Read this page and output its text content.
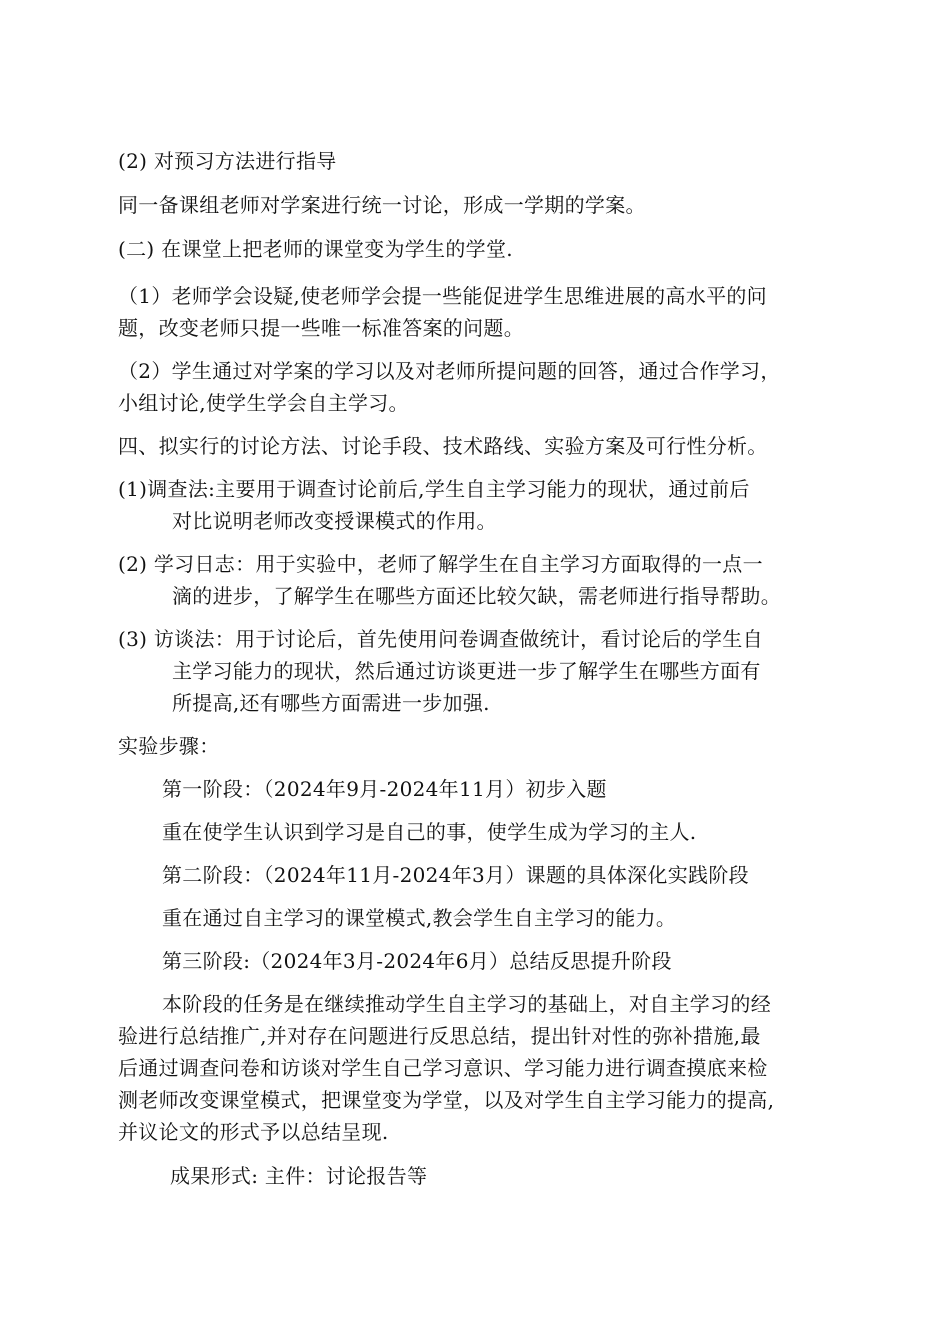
(2) 对预习方法进行指导
同一备课组老师对学案进行统一讨论，形成一学期的学案。
(二) 在课堂上把老师的课堂变为学生的学堂.
（1）老师学会设疑,使老师学会提一些能促进学生思维进展的高水平的问
题，改变老师只提一些唯一标准答案的问题。
（2）学生通过对学案的学习以及对老师所提问题的回答，通过合作学习，
小组讨论,使学生学会自主学习。
四、拟实行的讨论方法、讨论手段、技术路线、实验方案及可行性分析。
(1)调查法:主要用于调查讨论前后,学生自主学习能力的现状，通过前后
对比说明老师改变授课模式的作用。
(2) 学习日志：用于实验中，老师了解学生在自主学习方面取得的一点一
滴的进步，了解学生在哪些方面还比较欠缺，需老师进行指导帮助。
(3) 访谈法：用于讨论后，首先使用问卷调查做统计，看讨论后的学生自
主学习能力的现状，然后通过访谈更进一步了解学生在哪些方面有
所提高,还有哪些方面需进一步加强.
实验步骤：
第一阶段：（2024年9月-2024年11月）初步入题
重在使学生认识到学习是自己的事，使学生成为学习的主人.
第二阶段：（2024年11月-2024年3月）课题的具体深化实践阶段
重在通过自主学习的课堂模式,教会学生自主学习的能力。
第三阶段:（2024年3月-2024年6月）总结反思提升阶段
本阶段的任务是在继续推动学生自主学习的基础上，对自主学习的经
验进行总结推广,并对存在问题进行反思总结，提出针对性的弥补措施,最
后通过调查问卷和访谈对学生自己学习意识、学习能力进行调查摸底来检
测老师改变课堂模式，把课堂变为学堂，以及对学生自主学习能力的提高,
并议论文的形式予以总结呈现.
成果形式: 主件：讨论报告等
